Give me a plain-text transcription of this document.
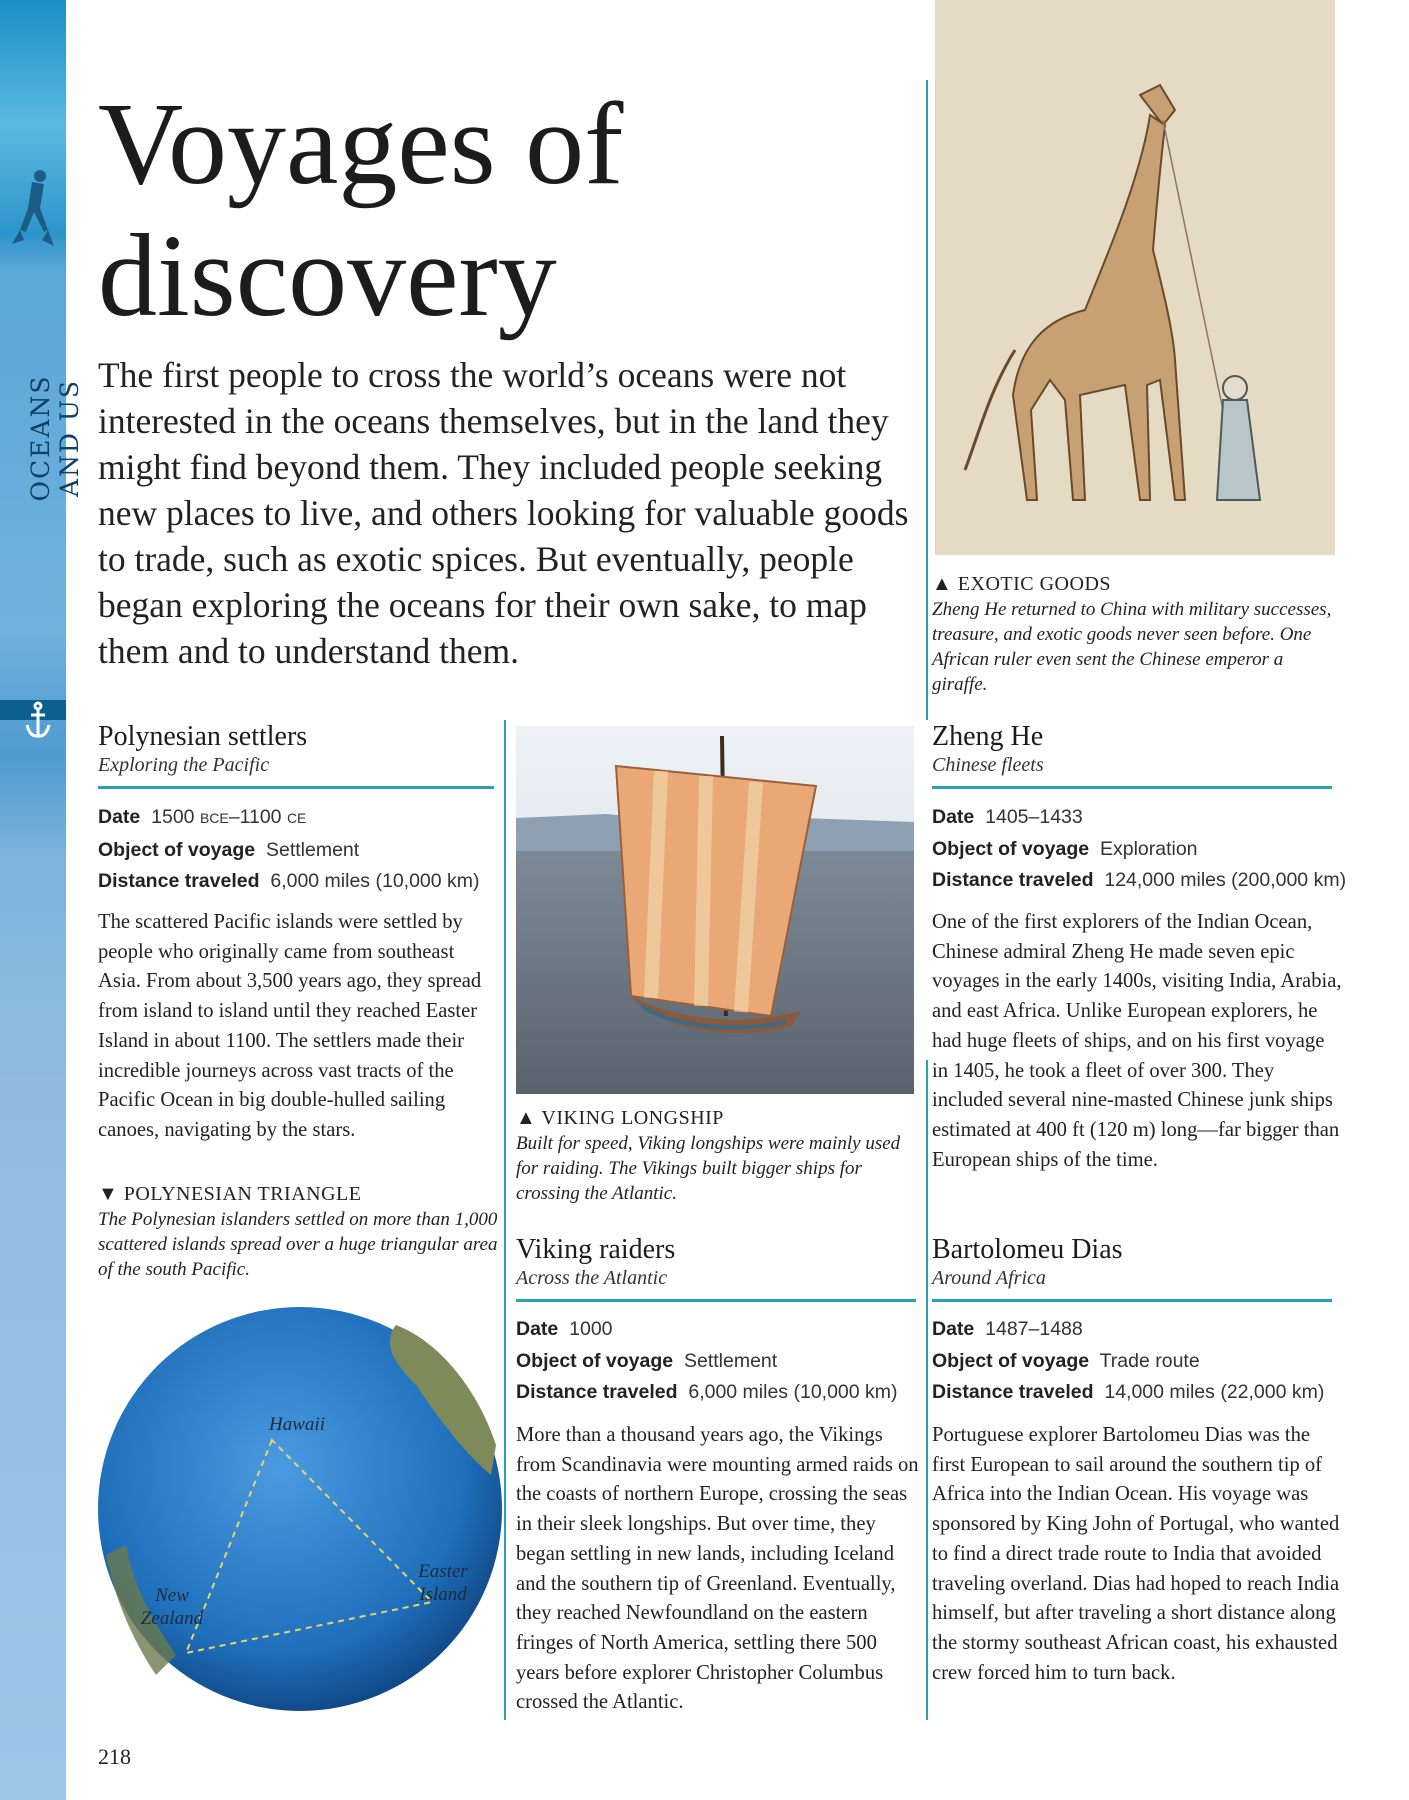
OCEANS AND US
Voyages of
discovery
The first people to cross the world’s oceans were not interested in the oceans themselves, but in the land they might find beyond them. They included people seeking new places to live, and others looking for valuable goods to trade, such as exotic spices. But eventually, people began exploring the oceans for their own sake, to map them and to understand them.
▲ EXOTIC GOODS
Zheng He returned to China with military successes, treasure, and exotic goods never seen before. One African ruler even sent the Chinese emperor a giraffe.
▲ VIKING LONGSHIP
Built for speed, Viking longships were mainly used for raiding. The Vikings built bigger ships for crossing the Atlantic.
Polynesian settlers
Exploring the Pacific
Date 1500 BCE–1100 CE
Object of voyage Settlement
Distance traveled 6,000 miles (10,000 km)
The scattered Pacific islands were settled by people who originally came from southeast Asia. From about 3,500 years ago, they spread from island to island until they reached Easter Island in about 1100. The settlers made their incredible journeys across vast tracts of the Pacific Ocean in big double-hulled sailing canoes, navigating by the stars.
▼ POLYNESIAN TRIANGLE
The Polynesian islanders settled on more than 1,000 scattered islands spread over a huge triangular area of the south Pacific.
Hawaii
Easter
Island
New
Zealand
Viking raiders
Across the Atlantic
Date 1000
Object of voyage Settlement
Distance traveled 6,000 miles (10,000 km)
More than a thousand years ago, the Vikings from Scandinavia were mounting armed raids on the coasts of northern Europe, crossing the seas in their sleek longships. But over time, they began settling in new lands, including Iceland and the southern tip of Greenland. Eventually, they reached Newfoundland on the eastern fringes of North America, settling there 500 years before explorer Christopher Columbus crossed the Atlantic.
Zheng He
Chinese fleets
Date 1405–1433
Object of voyage Exploration
Distance traveled 124,000 miles (200,000 km)
One of the first explorers of the Indian Ocean, Chinese admiral Zheng He made seven epic voyages in the early 1400s, visiting India, Arabia, and east Africa. Unlike European explorers, he had huge fleets of ships, and on his first voyage in 1405, he took a fleet of over 300. They included several nine-masted Chinese junk ships estimated at 400 ft (120 m) long—far bigger than European ships of the time.
Bartolomeu Dias
Around Africa
Date 1487–1488
Object of voyage Trade route
Distance traveled 14,000 miles (22,000 km)
Portuguese explorer Bartolomeu Dias was the first European to sail around the southern tip of Africa into the Indian Ocean. His voyage was sponsored by King John of Portugal, who wanted to find a direct trade route to India that avoided traveling overland. Dias had hoped to reach India himself, but after traveling a short distance along the stormy southeast African coast, his exhausted crew forced him to turn back.
218
